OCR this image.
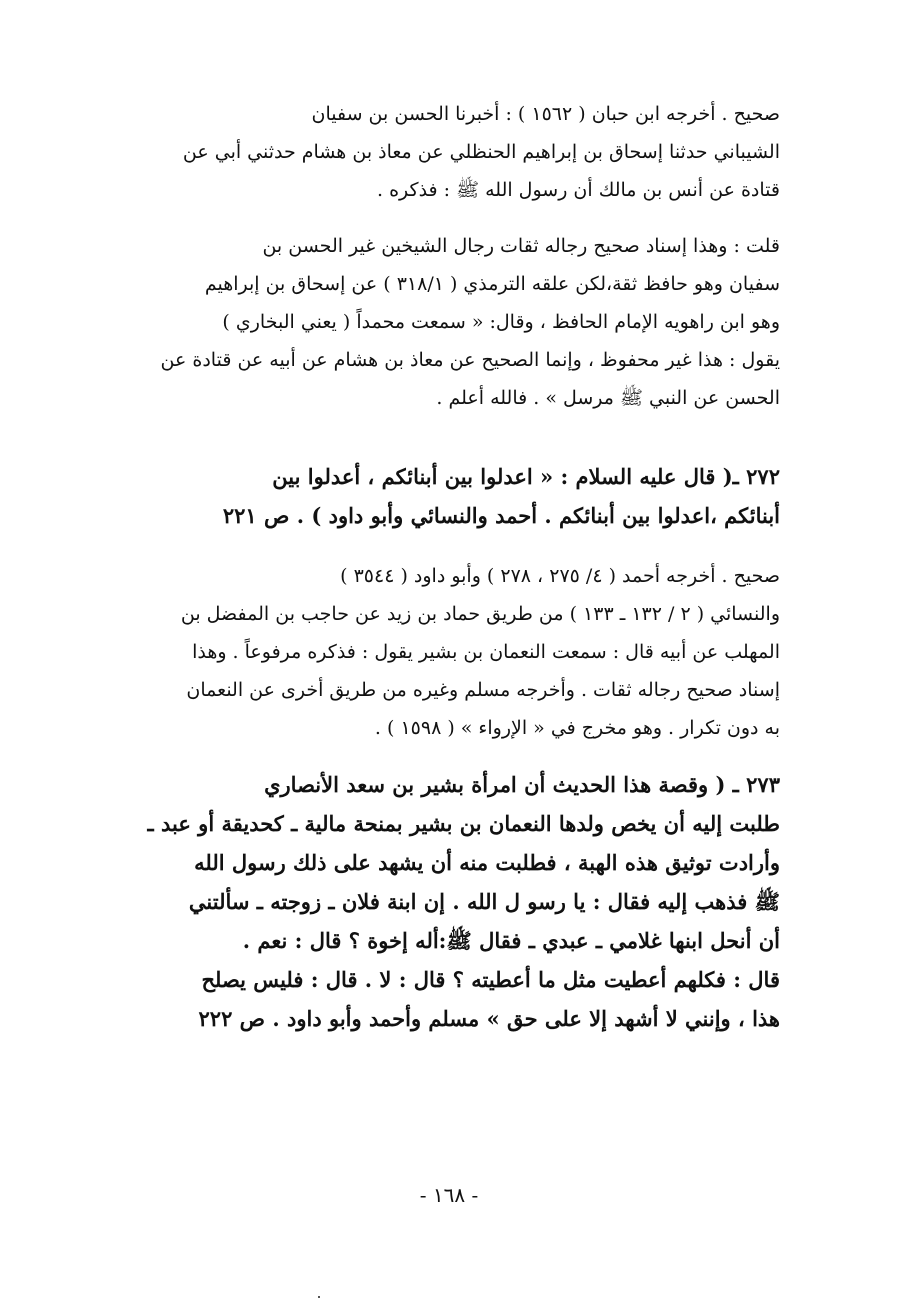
صحيح . أخرجه ابن حبان ( ١٥٦٢ ) : أخبرنا الحسن بن سفيان
الشيباني حدثنا إسحاق بن إبراهيم الحنظلي عن معاذ بن هشام حدثني أبي عن
قتادة عن أنس بن مالك أن رسول الله ﷺ : فذكره .
قلت : وهذا إسناد صحيح رجاله ثقات رجال الشيخين غير الحسن بن
سفيان وهو حافظ ثقة،لكن علقه الترمذي ( ٣١٨/١ ) عن إسحاق بن إبراهيم
وهو ابن راهويه الإمام الحافظ ، وقال: « سمعت محمداً ( يعني البخاري )
يقول : هذا غير محفوظ ، وإنما الصحيح عن معاذ بن هشام عن أبيه عن قتادة عن
الحسن عن النبي ﷺ مرسل » . فالله أعلم .
٢٧٢ ـ( قال عليه السلام : « اعدلوا بين أبنائكم ، أعدلوا بين
أبنائكم ،اعدلوا بين أبنائكم . أحمد والنسائي وأبو داود ) . ص ٢٢١
صحيح . أخرجه أحمد ( ٤/ ٢٧٥ ، ٢٧٨ ) وأبو داود ( ٣٥٤٤ )
والنسائي ( ٢ / ١٣٢ ـ ١٣٣ ) من طريق حماد بن زيد عن حاجب بن المفضل بن
المهلب عن أبيه قال : سمعت النعمان بن بشير يقول : فذكره مرفوعاً . وهذا
إسناد صحيح رجاله ثقات . وأخرجه مسلم وغيره من طريق أخرى عن النعمان
به دون تكرار . وهو مخرج في « الإرواء » ( ١٥٩٨ ) .
٢٧٣ ـ ( وقصة هذا الحديث أن امرأة بشير بن سعد الأنصاري
طلبت إليه أن يخص ولدها النعمان بن بشير بمنحة مالية ـ كحديقة أو عبد ـ
وأرادت توثيق هذه الهبة ، فطلبت منه أن يشهد على ذلك رسول الله
ﷺ فذهب إليه فقال : يا رسو ل الله . إن ابنة فلان ـ زوجته ـ سألتني
أن أنحل ابنها غلامي ـ عبدي ـ فقال ﷺ:أله إخوة ؟ قال : نعم .
قال : فكلهم أعطيت مثل ما أعطيته ؟ قال : لا . قال : فليس يصلح
هذا ، وإنني لا أشهد إلا على حق » مسلم وأحمد وأبو داود . ص ٢٢٢
- ١٦٨ -
